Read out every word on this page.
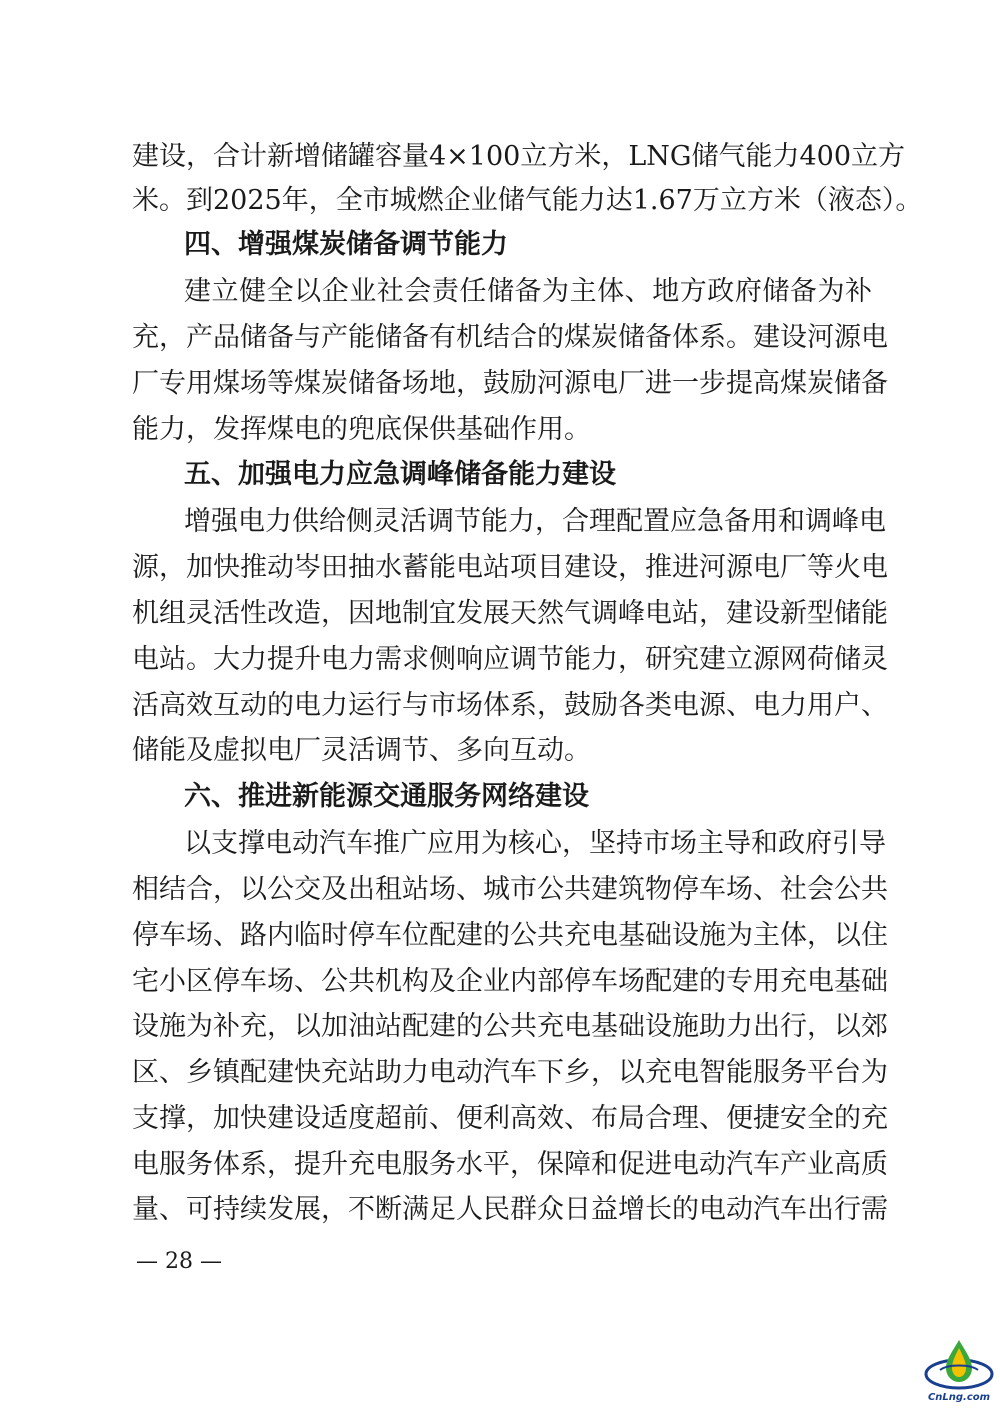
建设，合计新增储罐容量4×100立方米，LNG储气能力400立方
米。到2025年，全市城燃企业储气能力达1.67万立方米（液态）。
四、增强煤炭储备调节能力
建立健全以企业社会责任储备为主体、地方政府储备为补
充，产品储备与产能储备有机结合的煤炭储备体系。建设河源电
厂专用煤场等煤炭储备场地，鼓励河源电厂进一步提高煤炭储备
能力，发挥煤电的兜底保供基础作用。
五、加强电力应急调峰储备能力建设
增强电力供给侧灵活调节能力，合理配置应急备用和调峰电
源，加快推动岑田抽水蓄能电站项目建设，推进河源电厂等火电
机组灵活性改造，因地制宜发展天然气调峰电站，建设新型储能
电站。大力提升电力需求侧响应调节能力，研究建立源网荷储灵
活高效互动的电力运行与市场体系，鼓励各类电源、电力用户、
储能及虚拟电厂灵活调节、多向互动。
六、推进新能源交通服务网络建设
以支撑电动汽车推广应用为核心，坚持市场主导和政府引导
相结合，以公交及出租站场、城市公共建筑物停车场、社会公共
停车场、路内临时停车位配建的公共充电基础设施为主体，以住
宅小区停车场、公共机构及企业内部停车场配建的专用充电基础
设施为补充，以加油站配建的公共充电基础设施助力出行，以郊
区、乡镇配建快充站助力电动汽车下乡，以充电智能服务平台为
支撑，加快建设适度超前、便利高效、布局合理、便捷安全的充
电服务体系，提升充电服务水平，保障和促进电动汽车产业高质
量、可持续发展，不断满足人民群众日益增长的电动汽车出行需
— 28 —
CnLng.com
